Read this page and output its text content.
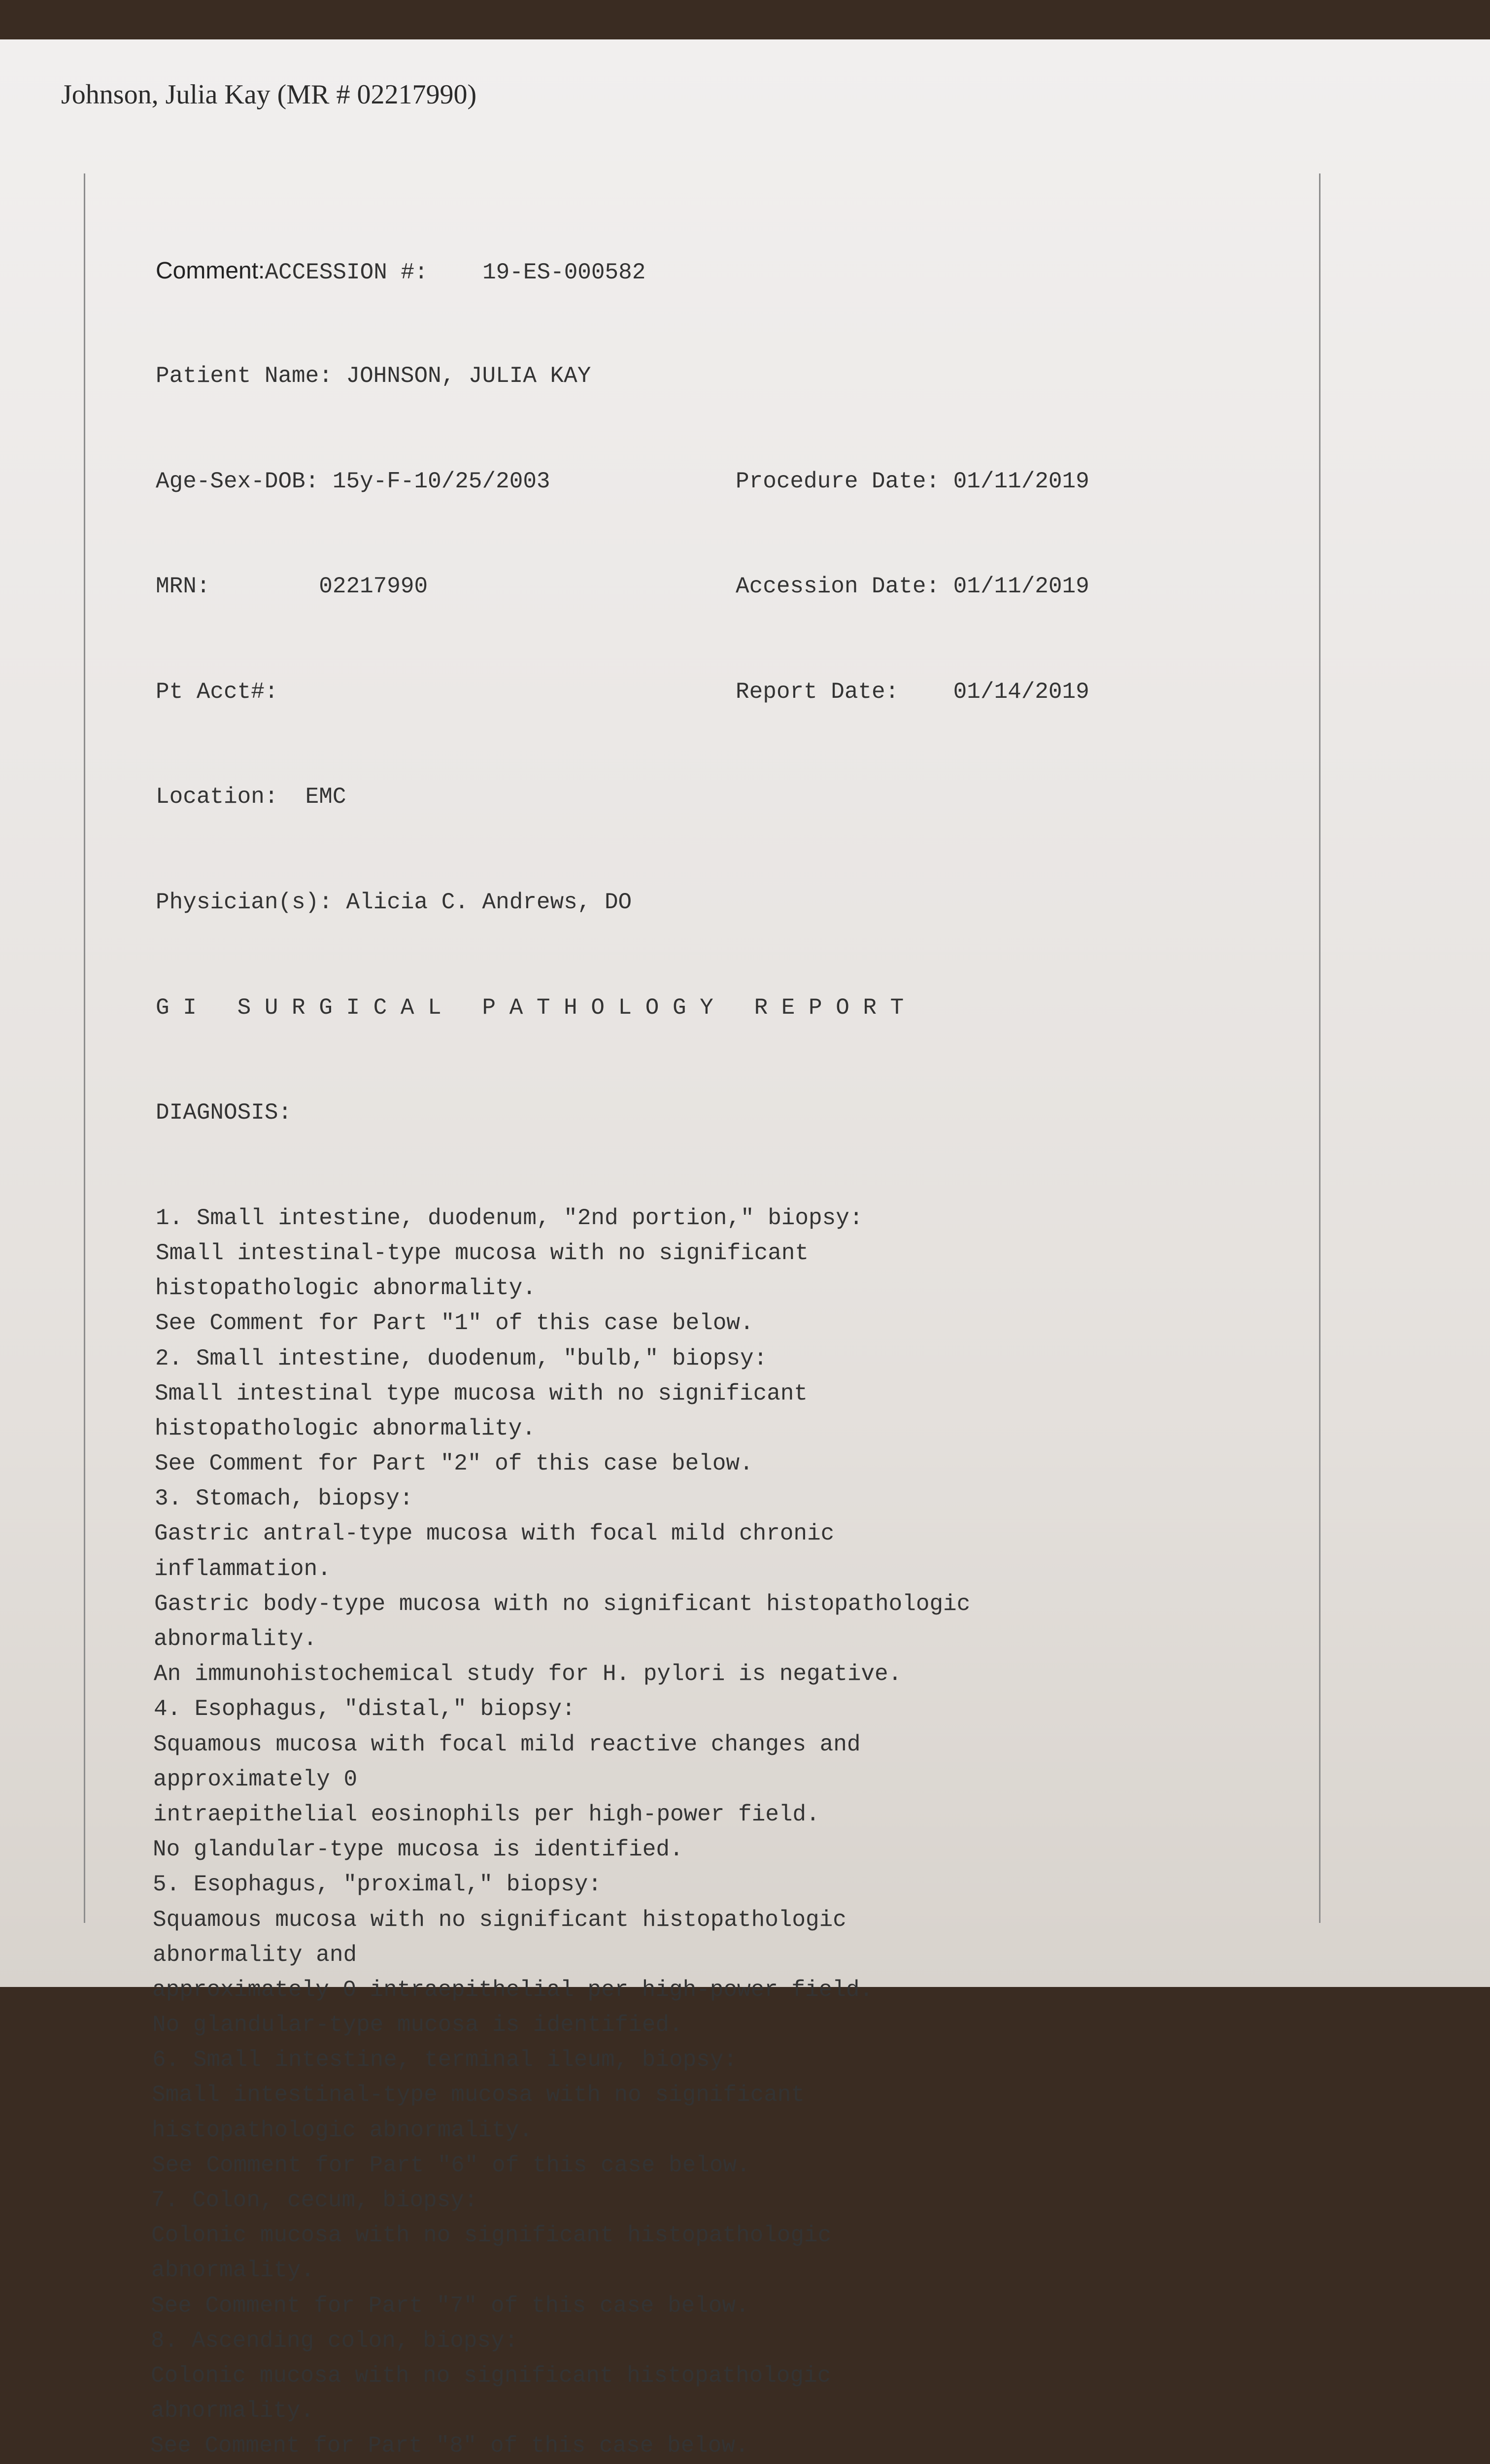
Johnson, Julia Kay (MR # 02217990)

Comment:ACCESSION #:    19-ES-000582

Patient Name: JOHNSON, JULIA KAY

Age-Sex-DOB: 15y-F-10/25/2003	Procedure Date: 01/11/2019

MRN:        02217990	Accession Date: 01/11/2019

Pt Acct#:	Report Date:    01/14/2019

Location:  EMC

Physician(s): Alicia C. Andrews, DO

G I   S U R G I C A L   P A T H O L O G Y   R E P O R T

DIAGNOSIS:

1. Small intestine, duodenum, "2nd portion," biopsy:
Small intestinal-type mucosa with no significant
histopathologic abnormality.
See Comment for Part "1" of this case below.
2. Small intestine, duodenum, "bulb," biopsy:
Small intestinal type mucosa with no significant
histopathologic abnormality.
See Comment for Part "2" of this case below.
3. Stomach, biopsy:
Gastric antral-type mucosa with focal mild chronic
inflammation.
Gastric body-type mucosa with no significant histopathologic
abnormality.
An immunohistochemical study for H. pylori is negative.
4. Esophagus, "distal," biopsy:
Squamous mucosa with focal mild reactive changes and
approximately 0
intraepithelial eosinophils per high-power field.
No glandular-type mucosa is identified.
5. Esophagus, "proximal," biopsy:
Squamous mucosa with no significant histopathologic
abnormality and
approximately 0 intraepithelial per high-power field.
No glandular-type mucosa is identified.
6. Small intestine, terminal ileum, biopsy:
Small intestinal-type mucosa with no significant
histopathologic abnormality.
See Comment for Part "6" of this case below.
7. Colon, cecum, biopsy:
Colonic mucosa with no significant histopathologic
abnormality.
See Comment for Part "7" of this case below.
8. Ascending colon, biopsy:
Colonic mucosa with no significant histopathologic
abnormality.
See Comment for Part "8" of this case below.
